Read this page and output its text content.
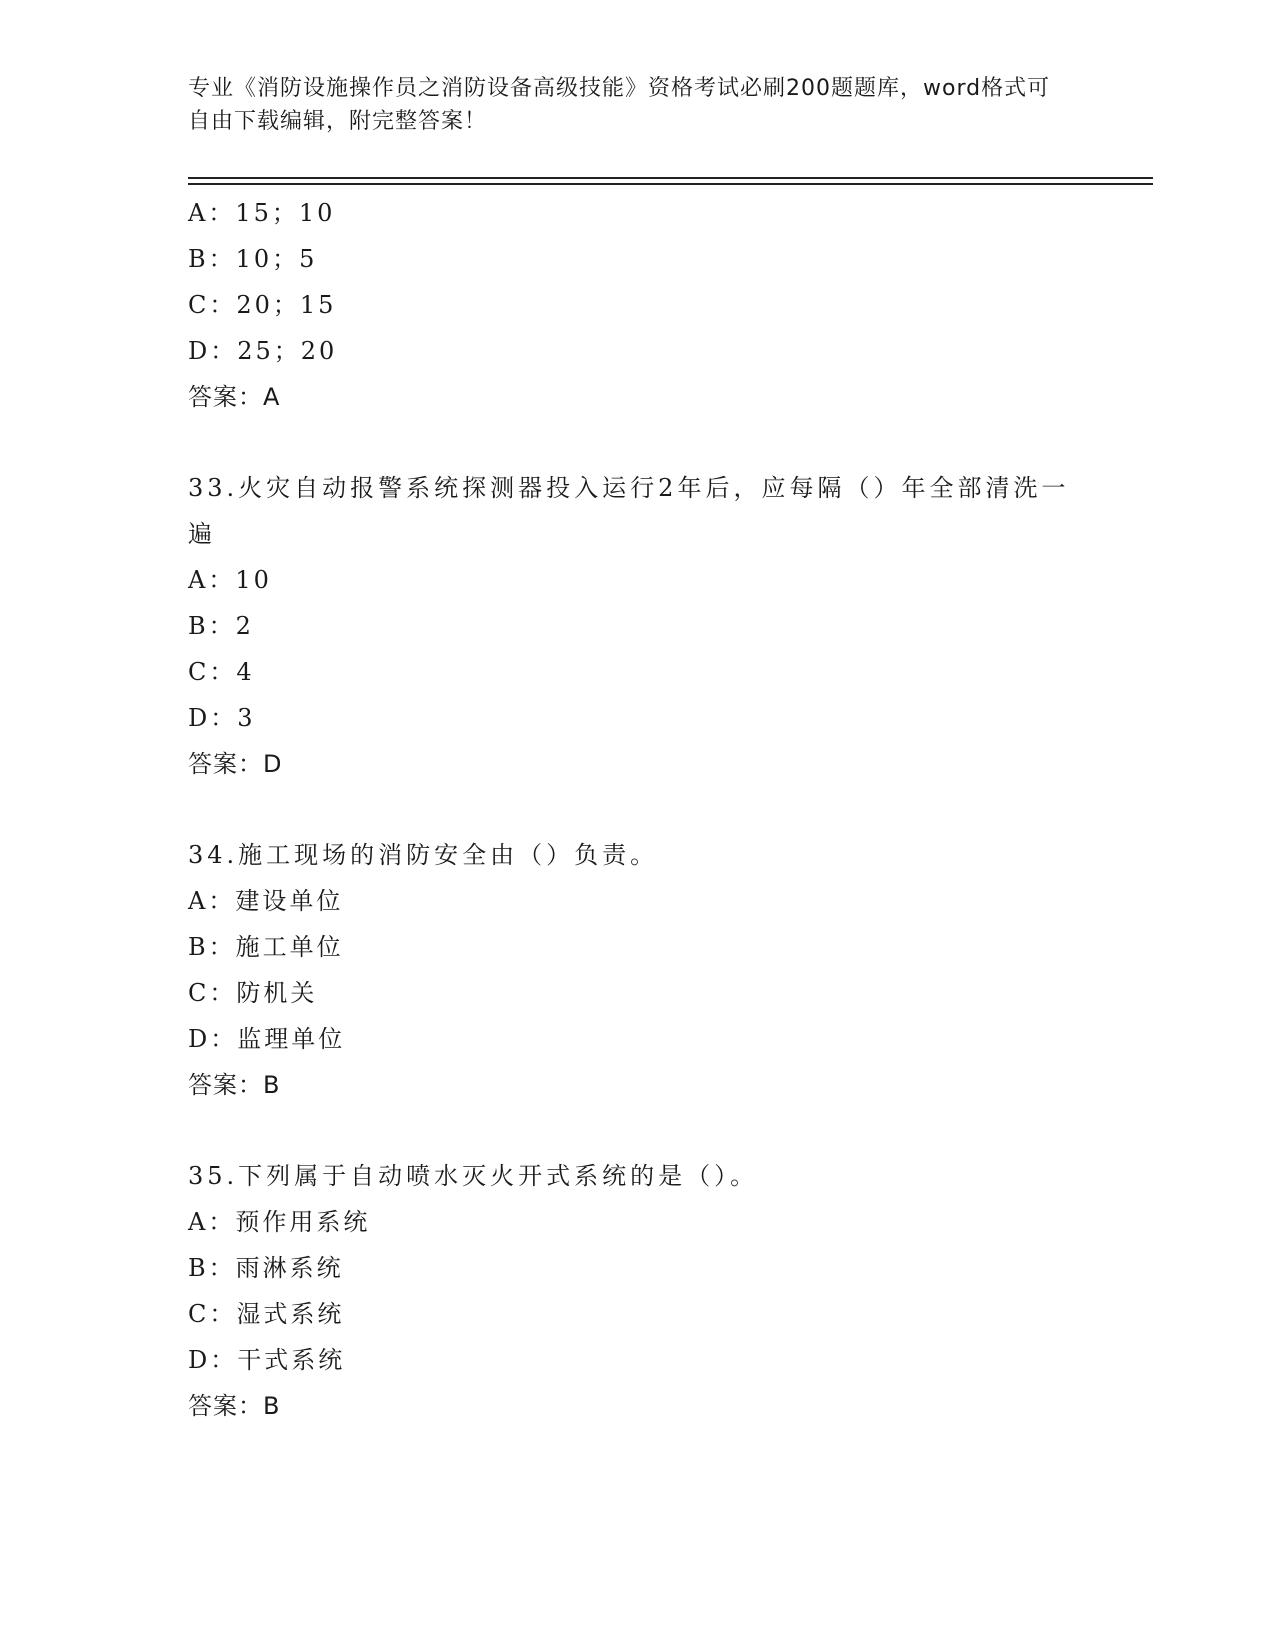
专业《消防设施操作员之消防设备高级技能》资格考试必刷200题题库，word格式可自由下载编辑，附完整答案！
A：15；10
B：10；5
C：20；15
D：25；20
答案：A
33.火灾自动报警系统探测器投入运行2年后，应每隔（）年全部清洗一遍
A：10
B：2
C：4
D：3
答案：D
34.施工现场的消防安全由（）负责。
A：建设单位
B：施工单位
C：防机关
D：监理单位
答案：B
35.下列属于自动喷水灭火开式系统的是（）。
A：预作用系统
B：雨淋系统
C：湿式系统
D：干式系统
答案：B
